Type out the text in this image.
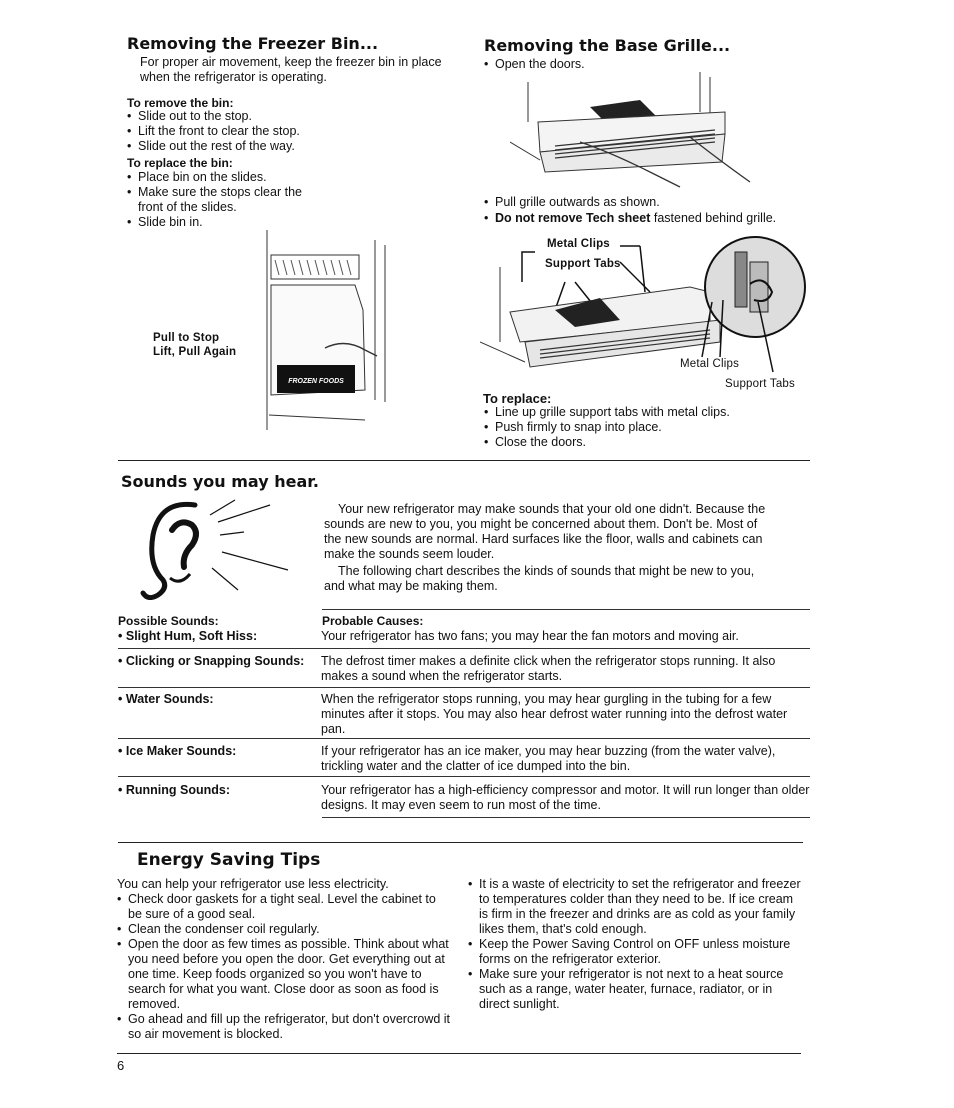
Removing the Freezer Bin...

For proper air movement, keep the freezer bin in place when the refrigerator is operating.

To remove the bin:

• Slide out to the stop.
• Lift the front to clear the stop.
• Slide out the rest of the way.

To replace the bin:

• Place bin on the slides.
• Make sure the stops clear the front of the slides.
• Slide bin in.
FROZEN FOODS
Pull to Stop
Lift, Pull Again
Removing the Base Grille...
• Open the doors.
• Pull grille outwards as shown.
• Do not remove Tech sheet fastened behind grille.
Metal Clips
Support Tabs
Metal Clips
Support Tabs

To replace:

• Line up grille support tabs with metal clips.
• Push firmly to snap into place.
• Close the doors.
Sounds you may hear.

Your new refrigerator may make sounds that your old one didn't. Because the sounds are new to you, you might be concerned about them. Don't be. Most of the new sounds are normal. Hard surfaces like the floor, walls and cabinets can make the sounds seem louder.

The following chart describes the kinds of sounds that might be new to you, and what may be making them.

Possible Sounds:	Probable Causes:
• Slight Hum, Soft Hiss:	Your refrigerator has two fans; you may hear the fan motors and moving air.
• Clicking or Snapping Sounds:	The defrost timer makes a definite click when the refrigerator stops running. It also makes a sound when the refrigerator starts.
• Water Sounds:	When the refrigerator stops running, you may hear gurgling in the tubing for a few minutes after it stops. You may also hear defrost water running into the defrost water pan.
• Ice Maker Sounds:	If your refrigerator has an ice maker, you may hear buzzing (from the water valve), trickling water and the clatter of ice dumped into the bin.
• Running Sounds:	Your refrigerator has a high-efficiency compressor and motor. It will run longer than older designs. It may even seem to run most of the time.
Energy Saving Tips

You can help your refrigerator use less electricity.

• Check door gaskets for a tight seal. Level the cabinet to be sure of a good seal.
• Clean the condenser coil regularly.
• Open the door as few times as possible. Think about what you need before you open the door. Get everything out at one time. Keep foods organized so you won't have to search for what you want. Close door as soon as food is removed.
• Go ahead and fill up the refrigerator, but don't overcrowd it so air movement is blocked.
• It is a waste of electricity to set the refrigerator and freezer to temperatures colder than they need to be. If ice cream is firm in the freezer and drinks are as cold as your family likes them, that's cold enough.
• Keep the Power Saving Control on OFF unless moisture forms on the refrigerator exterior.
• Make sure your refrigerator is not next to a heat source such as a range, water heater, furnace, radiator, or in direct sunlight.
6
